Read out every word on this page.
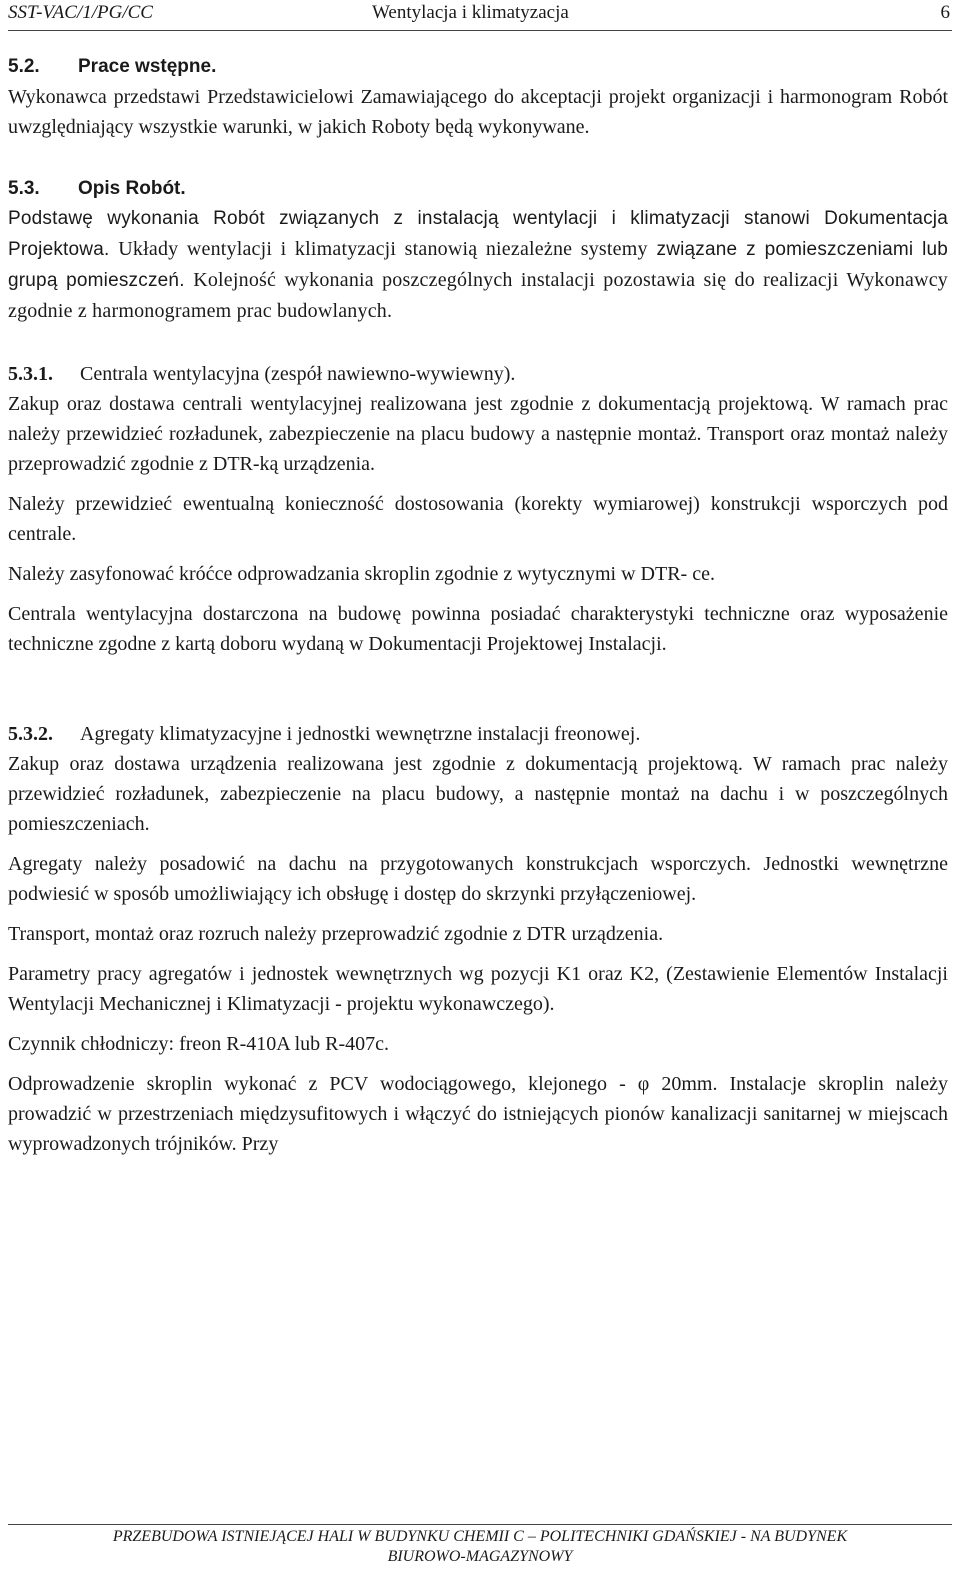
SST-VAC/1/PG/CC	Wentylacja i klimatyzacja	6
5.2. Prace wstępne.

Wykonawca przedstawi Przedstawicielowi Zamawiającego do akceptacji projekt organizacji i harmonogram Robót uwzględniający wszystkie warunki, w jakich Roboty będą wykonywane.

5.3. Opis Robót.

Podstawę wykonania Robót związanych z instalacją wentylacji i klimatyzacji stanowi Dokumentacja Projektowa. Układy wentylacji i klimatyzacji stanowią niezależne systemy związane z pomieszczeniami lub grupą pomieszczeń. Kolejność wykonania poszczególnych instalacji pozostawia się do realizacji Wykonawcy zgodnie z harmonogramem prac budowlanych.

5.3.1. Centrala wentylacyjna (zespół nawiewno-wywiewny).

Zakup oraz dostawa centrali wentylacyjnej realizowana jest zgodnie z dokumentacją projektową. W ramach prac należy przewidzieć rozładunek, zabezpieczenie na placu budowy a następnie montaż. Transport oraz montaż należy przeprowadzić zgodnie z DTR-ką urządzenia.

Należy przewidzieć ewentualną konieczność dostosowania (korekty wymiarowej) konstrukcji wsporczych pod centrale.

Należy zasyfonować króćce odprowadzania skroplin zgodnie z wytycznymi w DTR- ce.

Centrala wentylacyjna dostarczona na budowę powinna posiadać charakterystyki techniczne oraz wyposażenie techniczne zgodne z kartą doboru wydaną w Dokumentacji Projektowej Instalacji.

5.3.2. Agregaty klimatyzacyjne i jednostki wewnętrzne instalacji freonowej.

Zakup oraz dostawa urządzenia realizowana jest zgodnie z dokumentacją projektową. W ramach prac należy przewidzieć rozładunek, zabezpieczenie na placu budowy, a następnie montaż na dachu i w poszczególnych pomieszczeniach.

Agregaty należy posadowić na dachu na przygotowanych konstrukcjach wsporczych. Jednostki wewnętrzne podwiesić w sposób umożliwiający ich obsługę i dostęp do skrzynki przyłączeniowej.

Transport, montaż oraz rozruch należy przeprowadzić zgodnie z DTR urządzenia.

Parametry pracy agregatów i jednostek wewnętrznych wg pozycji K1 oraz K2, (Zestawienie Elementów Instalacji Wentylacji Mechanicznej i Klimatyzacji - projektu wykonawczego).

Czynnik chłodniczy: freon R-410A lub R-407c.

Odprowadzenie skroplin wykonać z PCV wodociągowego, klejonego - φ 20mm. Instalacje skroplin należy prowadzić w przestrzeniach międzysufitowych i włączyć do istniejących pionów kanalizacji sanitarnej w miejscach wyprowadzonych trójników. Przy

PRZEBUDOWA ISTNIEJĄCEJ HALI W BUDYNKU CHEMII C – POLITECHNIKI GDAŃSKIEJ - NA BUDYNEK
BIUROWO-MAGAZYNOWY
